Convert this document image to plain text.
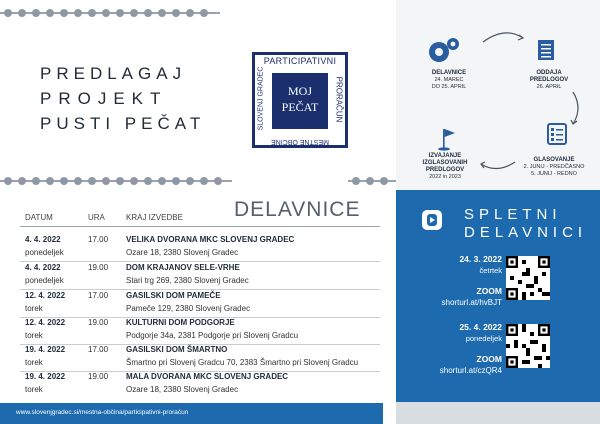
PREDLAGAJ
PROJEKT
PUSTI PEČAT
PARTICIPATIVNI
SLOVENJ GRADEC	PRORAČUN
MESTNE OBČINE
MOJ
PEČAT
DELAVNICE
24. MAREC
DO 25. APRIL
ODDAJA
PREDLOGOV
26. APRIL
GLASOVANJE
2. JUNIJ - PREDČASNO
5. JUNIJ - REDNO
IZVAJANJE
IZGLASOVANIH
PREDLOGOV
2022 in 2023
DELAVNICE
DATUM	URA	KRAJ IZVEDBE
4. 4. 2022
ponedeljek
17.00 VELIKA DVORANA MKC SLOVENJ GRADEC
Ozare 18, 2380 Slovenj Gradec
4. 4. 2022
ponedeljek
19.00 DOM KRAJANOV SELE-VRHE
Stari trg 269, 2380 Slovenj Gradec
12. 4. 2022
torek
17.00 GASILSKI DOM PAMEČE
Pameče 129, 2380 Slovenj Gradec
12. 4. 2022
torek
19.00 KULTURNI DOM PODGORJE
Podgorje 34a, 2381 Podgorje pri Slovenj Gradcu
19. 4. 2022
torek
17.00 GASILSKI DOM ŠMARTNO
Šmartno pri Slovenj Gradcu 70, 2383 Šmartno pri Slovenj Gradcu
19. 4. 2022
torek
19.00 MALA DVORANA MKC SLOVENJ GRADEC
Ozare 18, 2380 Slovenj Gradec
www.slovenjgradec.si/mestna-občina/participativni-proračun
SPLETNI
DELAVNICI
24. 3. 2022
četrtek
ZOOM
shorturl.at/hvBJT
25. 4. 2022
ponedeljek
ZOOM
shorturl.at/czQR4
